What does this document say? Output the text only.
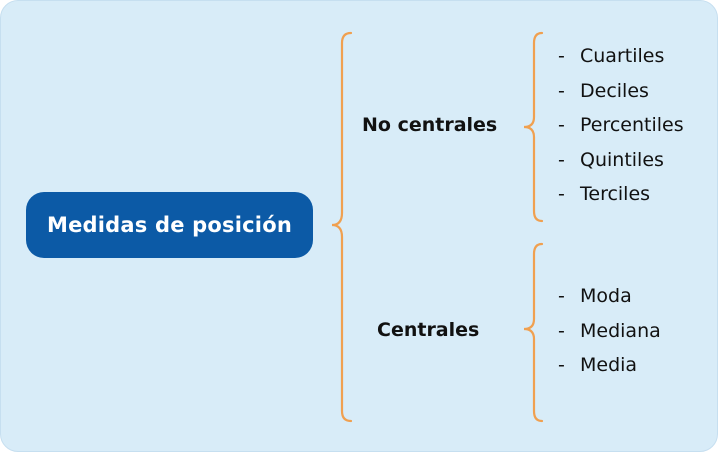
Medidas de posición
No centrales
Centrales
- Cuartiles
- Deciles
- Percentiles
- Quintiles
- Terciles
- Moda
- Mediana
- Media
